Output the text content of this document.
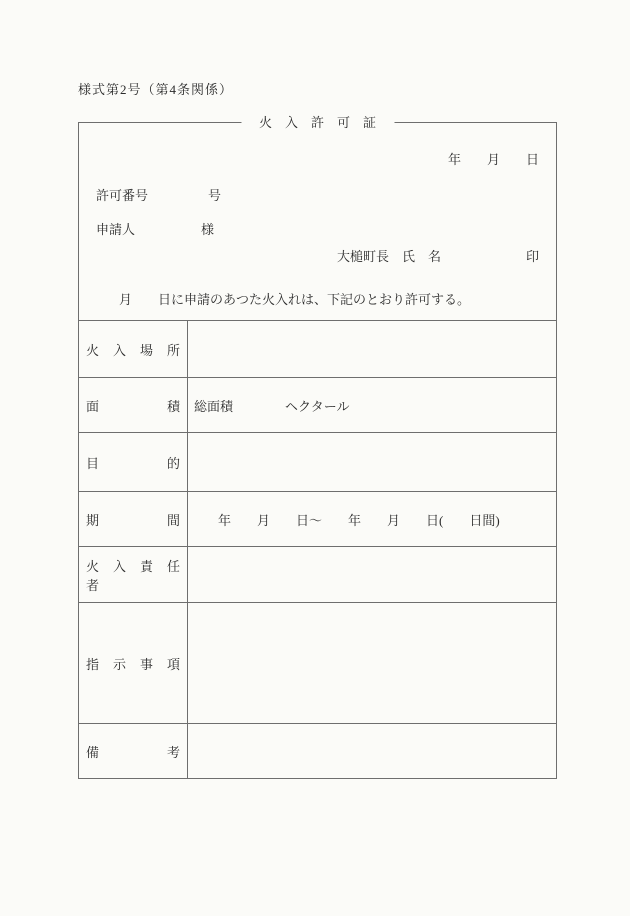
様式第2号（第4条関係）
火　入　許　可　証
年　　月　　日
許可番号	号
申請人	様
大槌町長　氏　名	印
月　　日に申請のあつた火入れは、下記のとおり許可する。
火　入　場　所
面　積	総面積　　　　ヘクタール
目　的
期　間	年　　月　　日～　　年　　月　　日(　　日間)
火　入　責　任　者
指　示　事　項
備　考
